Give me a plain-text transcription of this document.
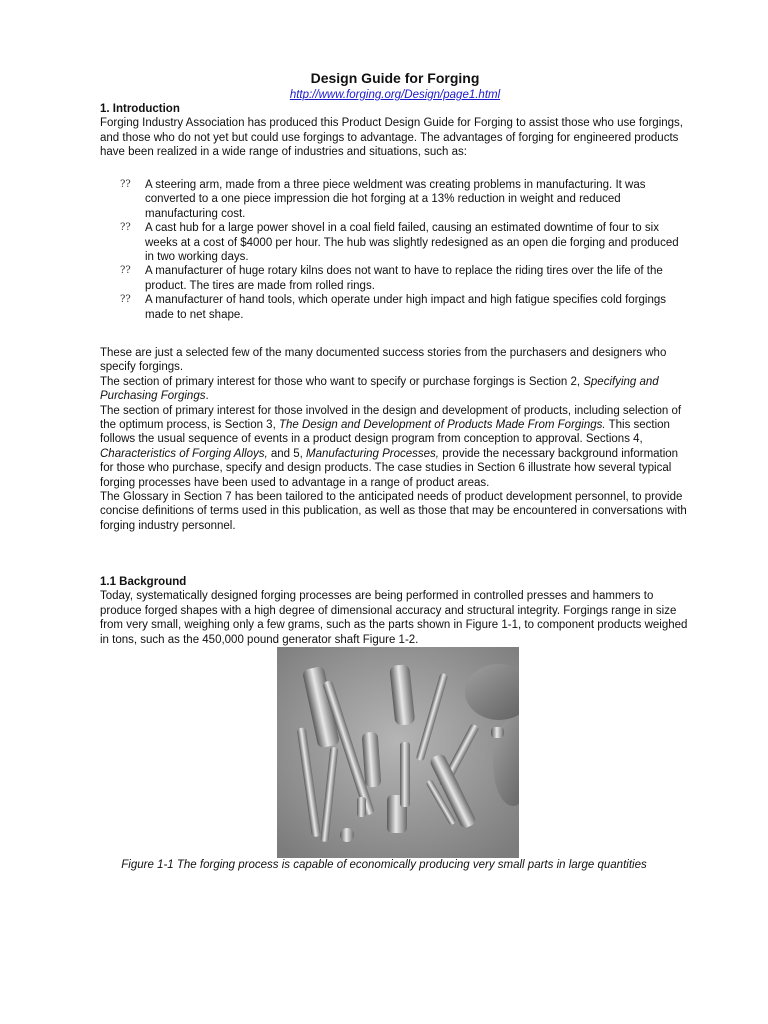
Design Guide for Forging
http://www.forging.org/Design/page1.html

1. Introduction

Forging Industry Association has produced this Product Design Guide for Forging to assist those who use forgings, and those who do not yet but could use forgings to advantage. The advantages of forging for engineered products have been realized in a wide range of industries and situations, such as:

?? A steering arm, made from a three piece weldment was creating problems in manufacturing. It was converted to a one piece impression die hot forging at a 13% reduction in weight and reduced manufacturing cost.
?? A cast hub for a large power shovel in a coal field failed, causing an estimated downtime of four to six weeks at a cost of $4000 per hour. The hub was slightly redesigned as an open die forging and produced in two working days.
?? A manufacturer of huge rotary kilns does not want to have to replace the riding tires over the life of the product. The tires are made from rolled rings.
?? A manufacturer of hand tools, which operate under high impact and high fatigue specifies cold forgings made to net shape.

These are just a selected few of the many documented success stories from the purchasers and designers who specify forgings.

The section of primary interest for those who want to specify or purchase forgings is Section 2, Specifying and Purchasing Forgings.

The section of primary interest for those involved in the design and development of products, including selection of the optimum process, is Section 3, The Design and Development of Products Made From Forgings. This section follows the usual sequence of events in a product design program from conception to approval. Sections 4, Characteristics of Forging Alloys, and 5, Manufacturing Processes, provide the necessary background information for those who purchase, specify and design products. The case studies in Section 6 illustrate how several typical forging processes have been used to advantage in a range of product areas.

The Glossary in Section 7 has been tailored to the anticipated needs of product development personnel, to provide concise definitions of terms used in this publication, as well as those that may be encountered in conversations with forging industry personnel.

1.1 Background

Today, systematically designed forging processes are being performed in controlled presses and hammers to produce forged shapes with a high degree of dimensional accuracy and structural integrity. Forgings range in size from very small, weighing only a few grams, such as the parts shown in Figure 1-1, to component products weighed in tons, such as the 450,000 pound generator shaft Figure 1-2.

Figure 1-1 The forging process is capable of economically producing very small parts in large quantities
